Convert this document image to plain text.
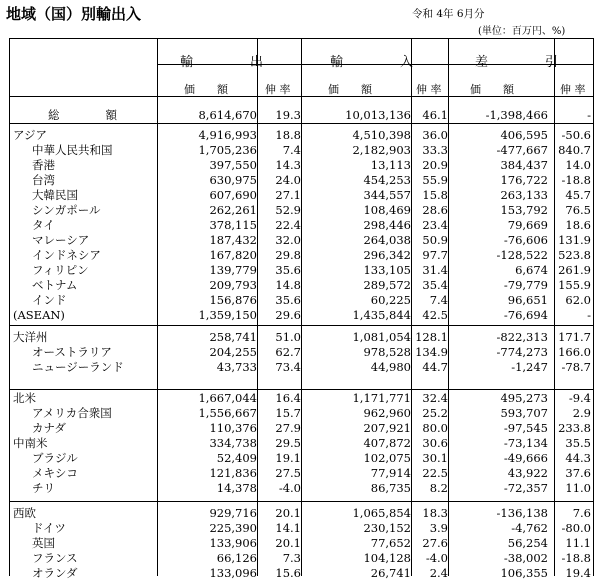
地域（国）別輸出入	令和 4年 6月分
(単位：百万円、%)
輸　出	輸　入	差　引
価　　額	伸 率	価　　額	伸 率	価　　額	伸 率
総　　　　額	8,614,670 19.3	10,013,136 46.1	-1,398,466	-
アジア	4,916,993 18.8	4,510,398 36.0	406,595 -50.6
中華人民共和国	1,705,236 7.4	2,182,903 33.3	-477,667 840.7
香港	397,550 14.3	13,113 20.9	384,437 14.0
台湾	630,975 24.0	454,253 55.9	176,722 -18.8
大韓民国	607,690 27.1	344,557 15.8	263,133 45.7
シンガポール	262,261 52.9	108,469 28.6	153,792 76.5
タイ	378,115 22.4	298,446 23.4	79,669 18.6
マレーシア	187,432 32.0	264,038 50.9	-76,606 131.9
インドネシア	167,820 29.8	296,342 97.7	-128,522 523.8
フィリピン	139,779 35.6	133,105 31.4	6,674 261.9
ベトナム	209,793 14.8	289,572 35.4	-79,779 155.9
インド	156,876 35.6	60,225 7.4	96,651 62.0
(ASEAN)	1,359,150 29.6	1,435,844 42.5	-76,694	-
大洋州	258,741 51.0	1,081,054 128.1	-822,313 171.7
オーストラリア	204,255 62.7	978,528 134.9	-774,273 166.0
ニュージーランド	43,733 73.4	44,980 44.7	-1,247 -78.7
北米	1,667,044 16.4	1,171,771 32.4	495,273 -9.4
アメリカ合衆国	1,556,667 15.7	962,960 25.2	593,707 2.9
カナダ	110,376 27.9	207,921 80.0	-97,545 233.8
中南米	334,738 29.5	407,872 30.6	-73,134 35.5
ブラジル	52,409 19.1	102,075 30.1	-49,666 44.3
メキシコ	121,836 27.5	77,914 22.5	43,922 37.6
チリ	14,378 -4.0	86,735 8.2	-72,357 11.0
西欧	929,716 20.1	1,065,854 18.3	-136,138 7.6
ドイツ	225,390 14.1	230,152 3.9	-4,762 -80.0
英国	133,906 20.1	77,652 27.6	56,254 11.1
フランス	66,126 7.3	104,128 -4.0	-38,002 -18.8
オランダ	133,096 15.6	26,741 2.4	106,355 19.4
